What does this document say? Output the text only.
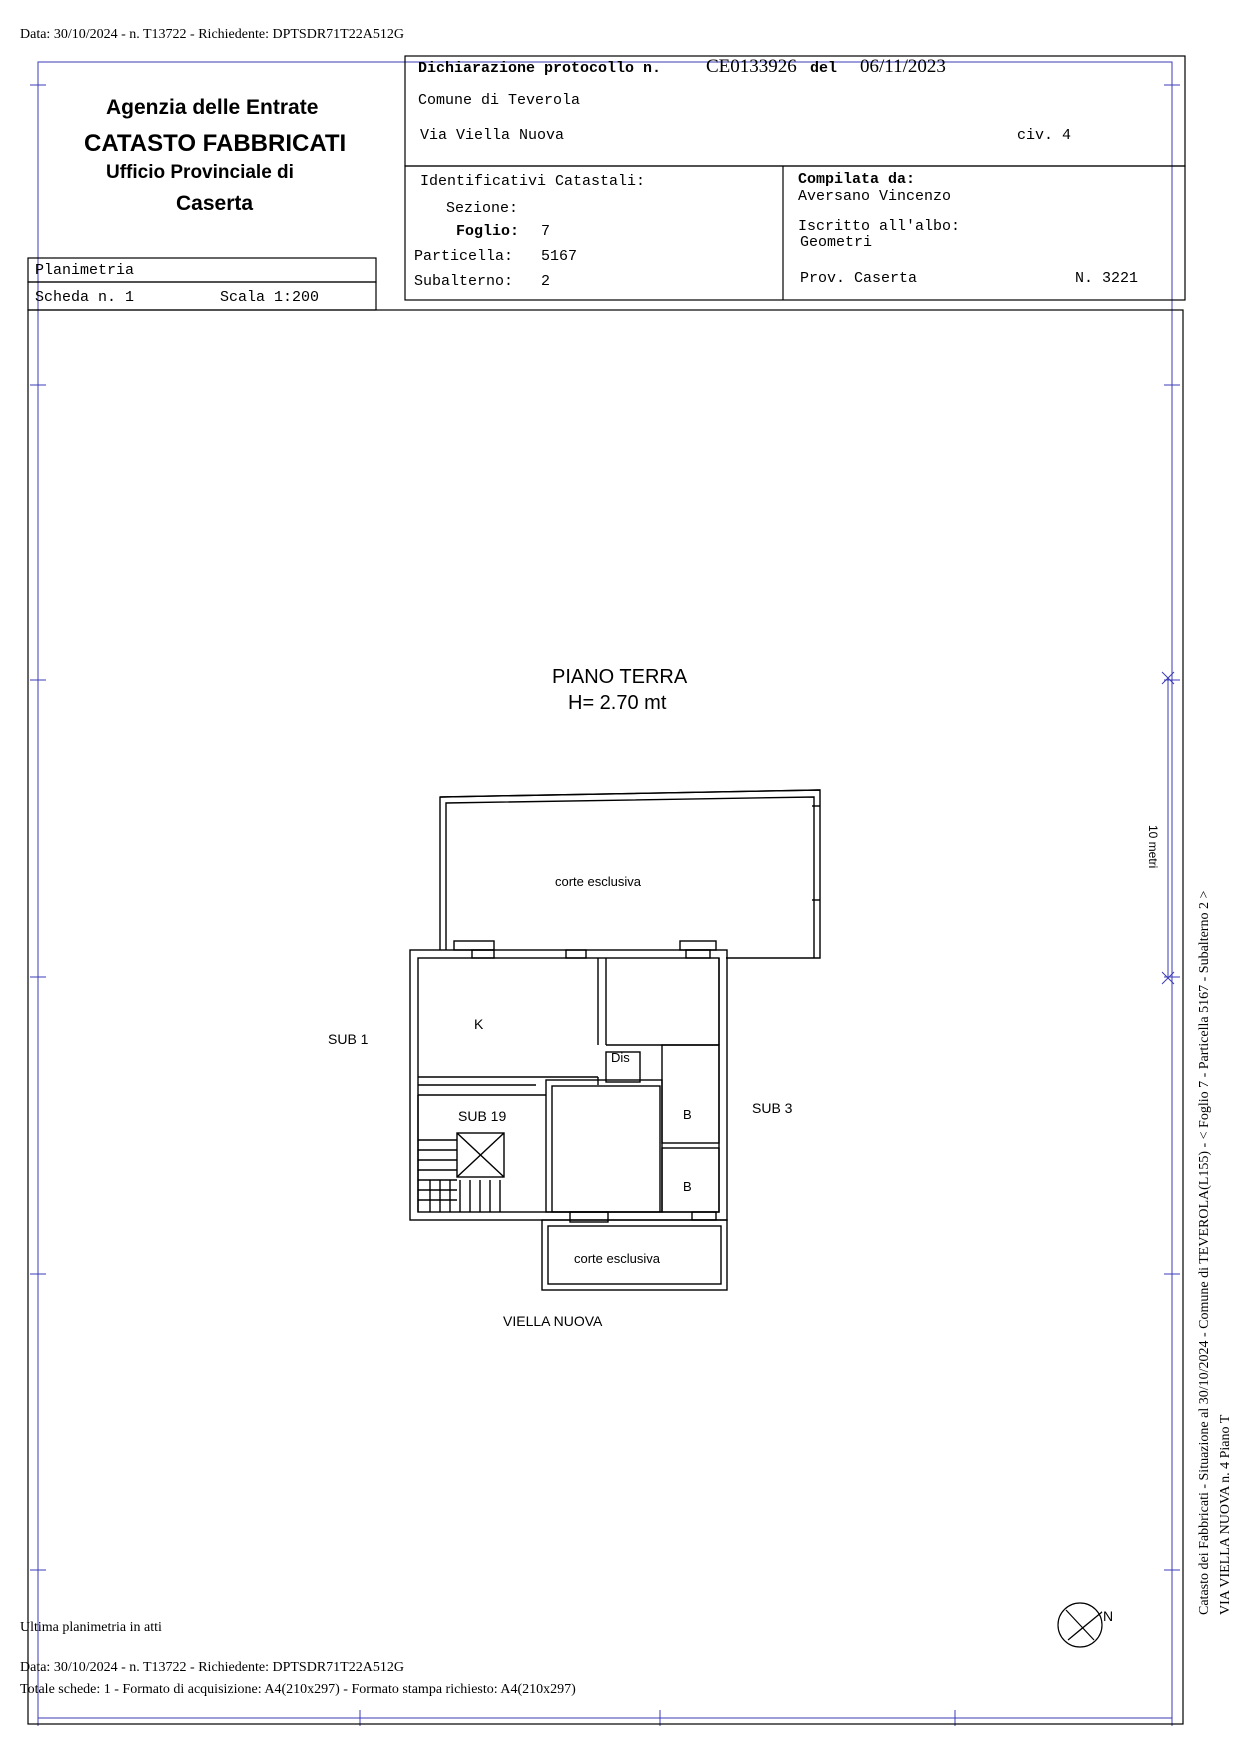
Data: 30/10/2024 - n. T13722 - Richiedente: DPTSDR71T22A512G
Agenzia delle Entrate
CATASTO FABBRICATI
Ufficio Provinciale di
Caserta
Planimetria
Scheda n. 1	Scala 1:200
Dichiarazione protocollo n. CE0133926 del 06/11/2023
Comune di Teverola
Via Viella Nuova	civ. 4
Identificativi Catastali:
Sezione:
Foglio: 7
Particella: 5167
Subalterno: 2
Compilata da:
Aversano Vincenzo
Iscritto all'albo:
Geometri
Prov. Caserta	N. 3221
PIANO TERRA
H= 2.70 mt
corte esclusiva
K
Dis
B
B
SUB 1
SUB 19	SUB 3
corte esclusiva
VIELLA NUOVA
N
10 metri
Catasto dei Fabbricati - Situazione al 30/10/2024 - Comune di TEVEROLA(L155) - < Foglio 7 - Particella 5167 - Subalterno 2 > VIA VIELLA NUOVA n. 4 Piano T
Ultima planimetria in atti
Data: 30/10/2024 - n. T13722 - Richiedente: DPTSDR71T22A512G
Totale schede: 1 - Formato di acquisizione: A4(210x297) - Formato stampa richiesto: A4(210x297)
